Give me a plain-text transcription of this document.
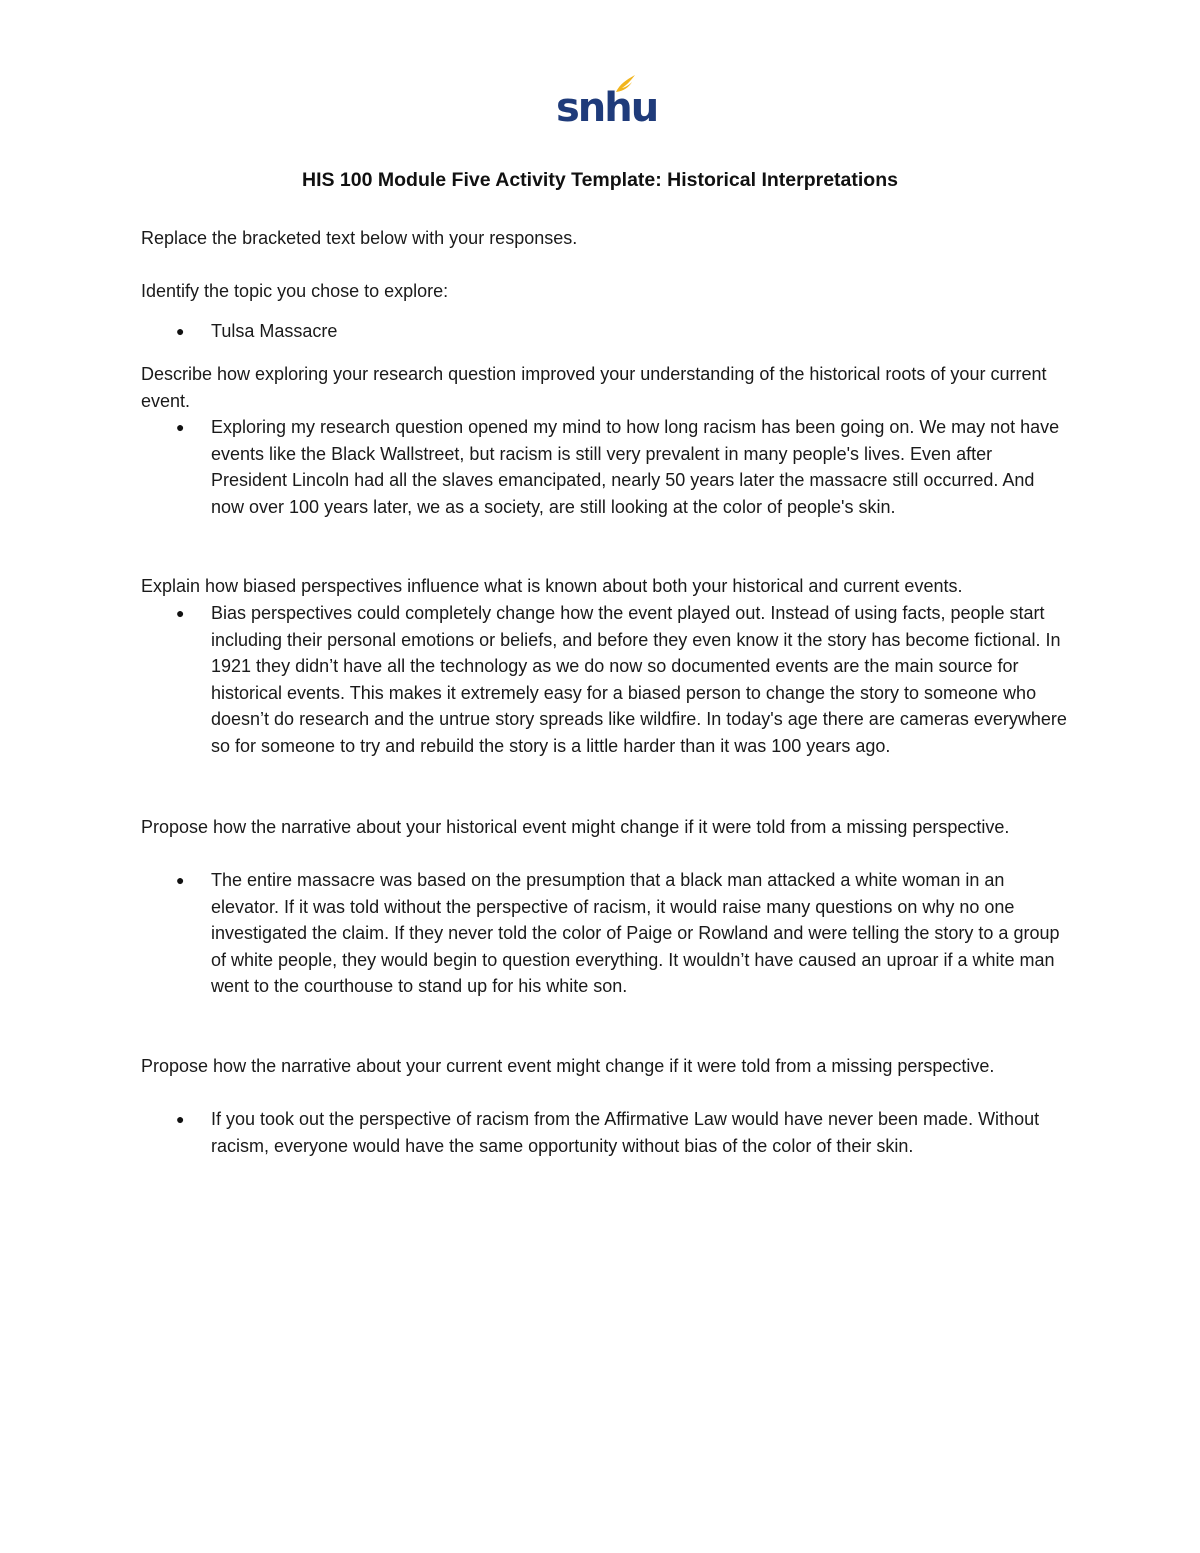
snhu
HIS 100 Module Five Activity Template: Historical Interpretations
Replace the bracketed text below with your responses.
Identify the topic you chose to explore:
● Tulsa Massacre
Describe how exploring your research question improved your understanding of the historical roots of your current event.
● Exploring my research question opened my mind to how long racism has been going on. We may not have events like the Black Wallstreet, but racism is still very prevalent in many people's lives. Even after President Lincoln had all the slaves emancipated, nearly 50 years later the massacre still occurred. And now over 100 years later, we as a society, are still looking at the color of people's skin.
Explain how biased perspectives influence what is known about both your historical and current events.
● Bias perspectives could completely change how the event played out. Instead of using facts, people start including their personal emotions or beliefs, and before they even know it the story has become fictional. In 1921 they didn’t have all the technology as we do now so documented events are the main source for historical events. This makes it extremely easy for a biased person to change the story to someone who doesn’t do research and the untrue story spreads like wildfire. In today's age there are cameras everywhere so for someone to try and rebuild the story is a little harder than it was 100 years ago.
Propose how the narrative about your historical event might change if it were told from a missing perspective.
● The entire massacre was based on the presumption that a black man attacked a white woman in an elevator. If it was told without the perspective of racism, it would raise many questions on why no one investigated the claim. If they never told the color of Paige or Rowland and were telling the story to a group of white people, they would begin to question everything. It wouldn’t have caused an uproar if a white man went to the courthouse to stand up for his white son.
Propose how the narrative about your current event might change if it were told from a missing perspective.
● If you took out the perspective of racism from the Affirmative Law would have never been made. Without racism, everyone would have the same opportunity without bias of the color of their skin.
